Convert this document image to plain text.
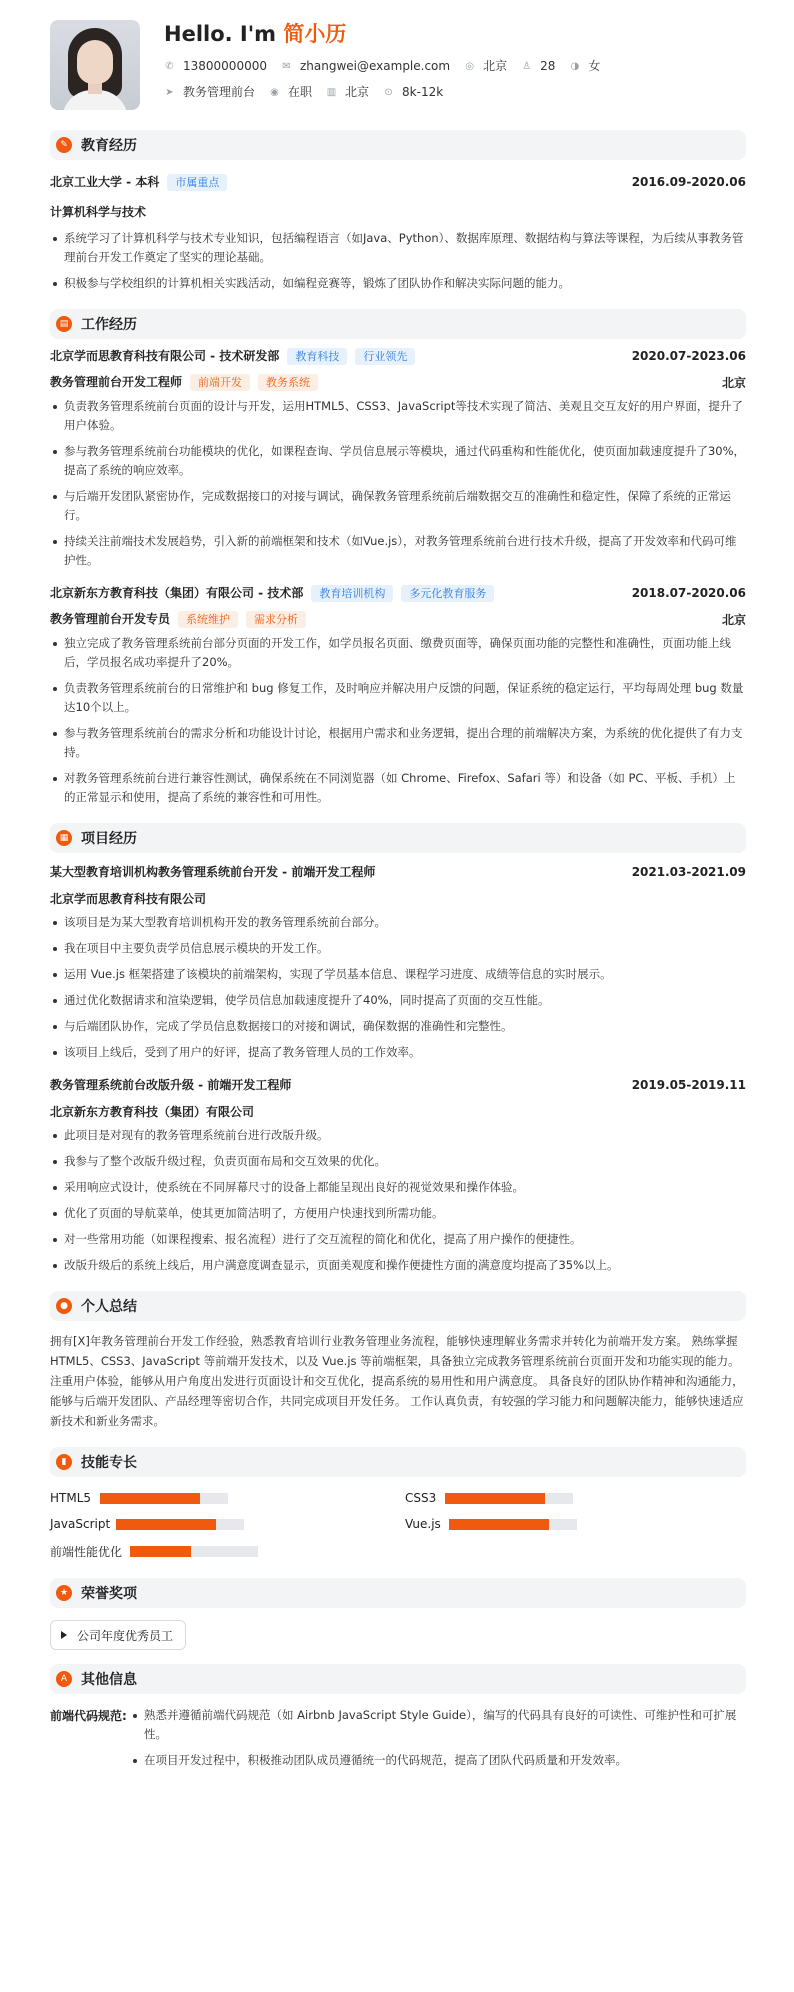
Hello. I'm 简小历
✆ 13800000000 ✉ zhangwei@example.com ◎ 北京 ♙ 28 ◑ 女
➤ 教务管理前台 ◉ 在职 ▥ 北京 ⊙ 8k-12k
✎ 教育经历
北京工业大学 - 本科 市属重点	2016.09-2020.06
计算机科学与技术
系统学习了计算机科学与技术专业知识，包括编程语言（如Java、Python）、数据库原理、数据结构与算法等课程，为后续从事教务管理前台开发工作奠定了坚实的理论基础。
积极参与学校组织的计算机相关实践活动，如编程竞赛等，锻炼了团队协作和解决实际问题的能力。
▤ 工作经历
北京学而思教育科技有限公司 - 技术研发部 教育科技 行业领先	2020.07-2023.06
教务管理前台开发工程师 前端开发 教务系统	北京
负责教务管理系统前台页面的设计与开发，运用HTML5、CSS3、JavaScript等技术实现了简洁、美观且交互友好的用户界面，提升了用户体验。
参与教务管理系统前台功能模块的优化，如课程查询、学员信息展示等模块，通过代码重构和性能优化，使页面加载速度提升了30%，提高了系统的响应效率。
与后端开发团队紧密协作，完成数据接口的对接与调试，确保教务管理系统前后端数据交互的准确性和稳定性，保障了系统的正常运行。
持续关注前端技术发展趋势，引入新的前端框架和技术（如Vue.js），对教务管理系统前台进行技术升级，提高了开发效率和代码可维护性。
北京新东方教育科技（集团）有限公司 - 技术部 教育培训机构 多元化教育服务	2018.07-2020.06
教务管理前台开发专员 系统维护 需求分析	北京
独立完成了教务管理系统前台部分页面的开发工作，如学员报名页面、缴费页面等，确保页面功能的完整性和准确性，页面功能上线后，学员报名成功率提升了20%。
负责教务管理系统前台的日常维护和 bug 修复工作，及时响应并解决用户反馈的问题，保证系统的稳定运行，平均每周处理 bug 数量达10个以上。
参与教务管理系统前台的需求分析和功能设计讨论，根据用户需求和业务逻辑，提出合理的前端解决方案，为系统的优化提供了有力支持。
对教务管理系统前台进行兼容性测试，确保系统在不同浏览器（如 Chrome、Firefox、Safari 等）和设备（如 PC、平板、手机）上的正常显示和使用，提高了系统的兼容性和可用性。
▦ 项目经历
某大型教育培训机构教务管理系统前台开发 - 前端开发工程师	2021.03-2021.09
北京学而思教育科技有限公司
该项目是为某大型教育培训机构开发的教务管理系统前台部分。
我在项目中主要负责学员信息展示模块的开发工作。
运用 Vue.js 框架搭建了该模块的前端架构，实现了学员基本信息、课程学习进度、成绩等信息的实时展示。
通过优化数据请求和渲染逻辑，使学员信息加载速度提升了40%，同时提高了页面的交互性能。
与后端团队协作，完成了学员信息数据接口的对接和调试，确保数据的准确性和完整性。
该项目上线后，受到了用户的好评，提高了教务管理人员的工作效率。
教务管理系统前台改版升级 - 前端开发工程师	2019.05-2019.11
北京新东方教育科技（集团）有限公司
此项目是对现有的教务管理系统前台进行改版升级。
我参与了整个改版升级过程，负责页面布局和交互效果的优化。
采用响应式设计，使系统在不同屏幕尺寸的设备上都能呈现出良好的视觉效果和操作体验。
优化了页面的导航菜单，使其更加简洁明了，方便用户快速找到所需功能。
对一些常用功能（如课程搜索、报名流程）进行了交互流程的简化和优化，提高了用户操作的便捷性。
改版升级后的系统上线后，用户满意度调查显示，页面美观度和操作便捷性方面的满意度均提高了35%以上。
● 个人总结

拥有[X]年教务管理前台开发工作经验，熟悉教育培训行业教务管理业务流程，能够快速理解业务需求并转化为前端开发方案。 熟练掌握 HTML5、CSS3、JavaScript 等前端开发技术，以及 Vue.js 等前端框架，具备独立完成教务管理系统前台页面开发和功能实现的能力。 注重用户体验，能够从用户角度出发进行页面设计和交互优化，提高系统的易用性和用户满意度。 具备良好的团队协作精神和沟通能力，能够与后端开发团队、产品经理等密切合作，共同完成项目开发任务。 工作认真负责，有较强的学习能力和问题解决能力，能够快速适应新技术和新业务需求。

▮	技能专长
HTML5	CSS3
JavaScript	Vue.js
前端性能优化
★ 荣誉奖项
公司年度优秀员工
A 其他信息
前端代码规范:	熟悉并遵循前端代码规范（如 Airbnb JavaScript Style Guide），编写的代码具有良好的可读性、可维护性和可扩展性。
在项目开发过程中，积极推动团队成员遵循统一的代码规范，提高了团队代码质量和开发效率。
